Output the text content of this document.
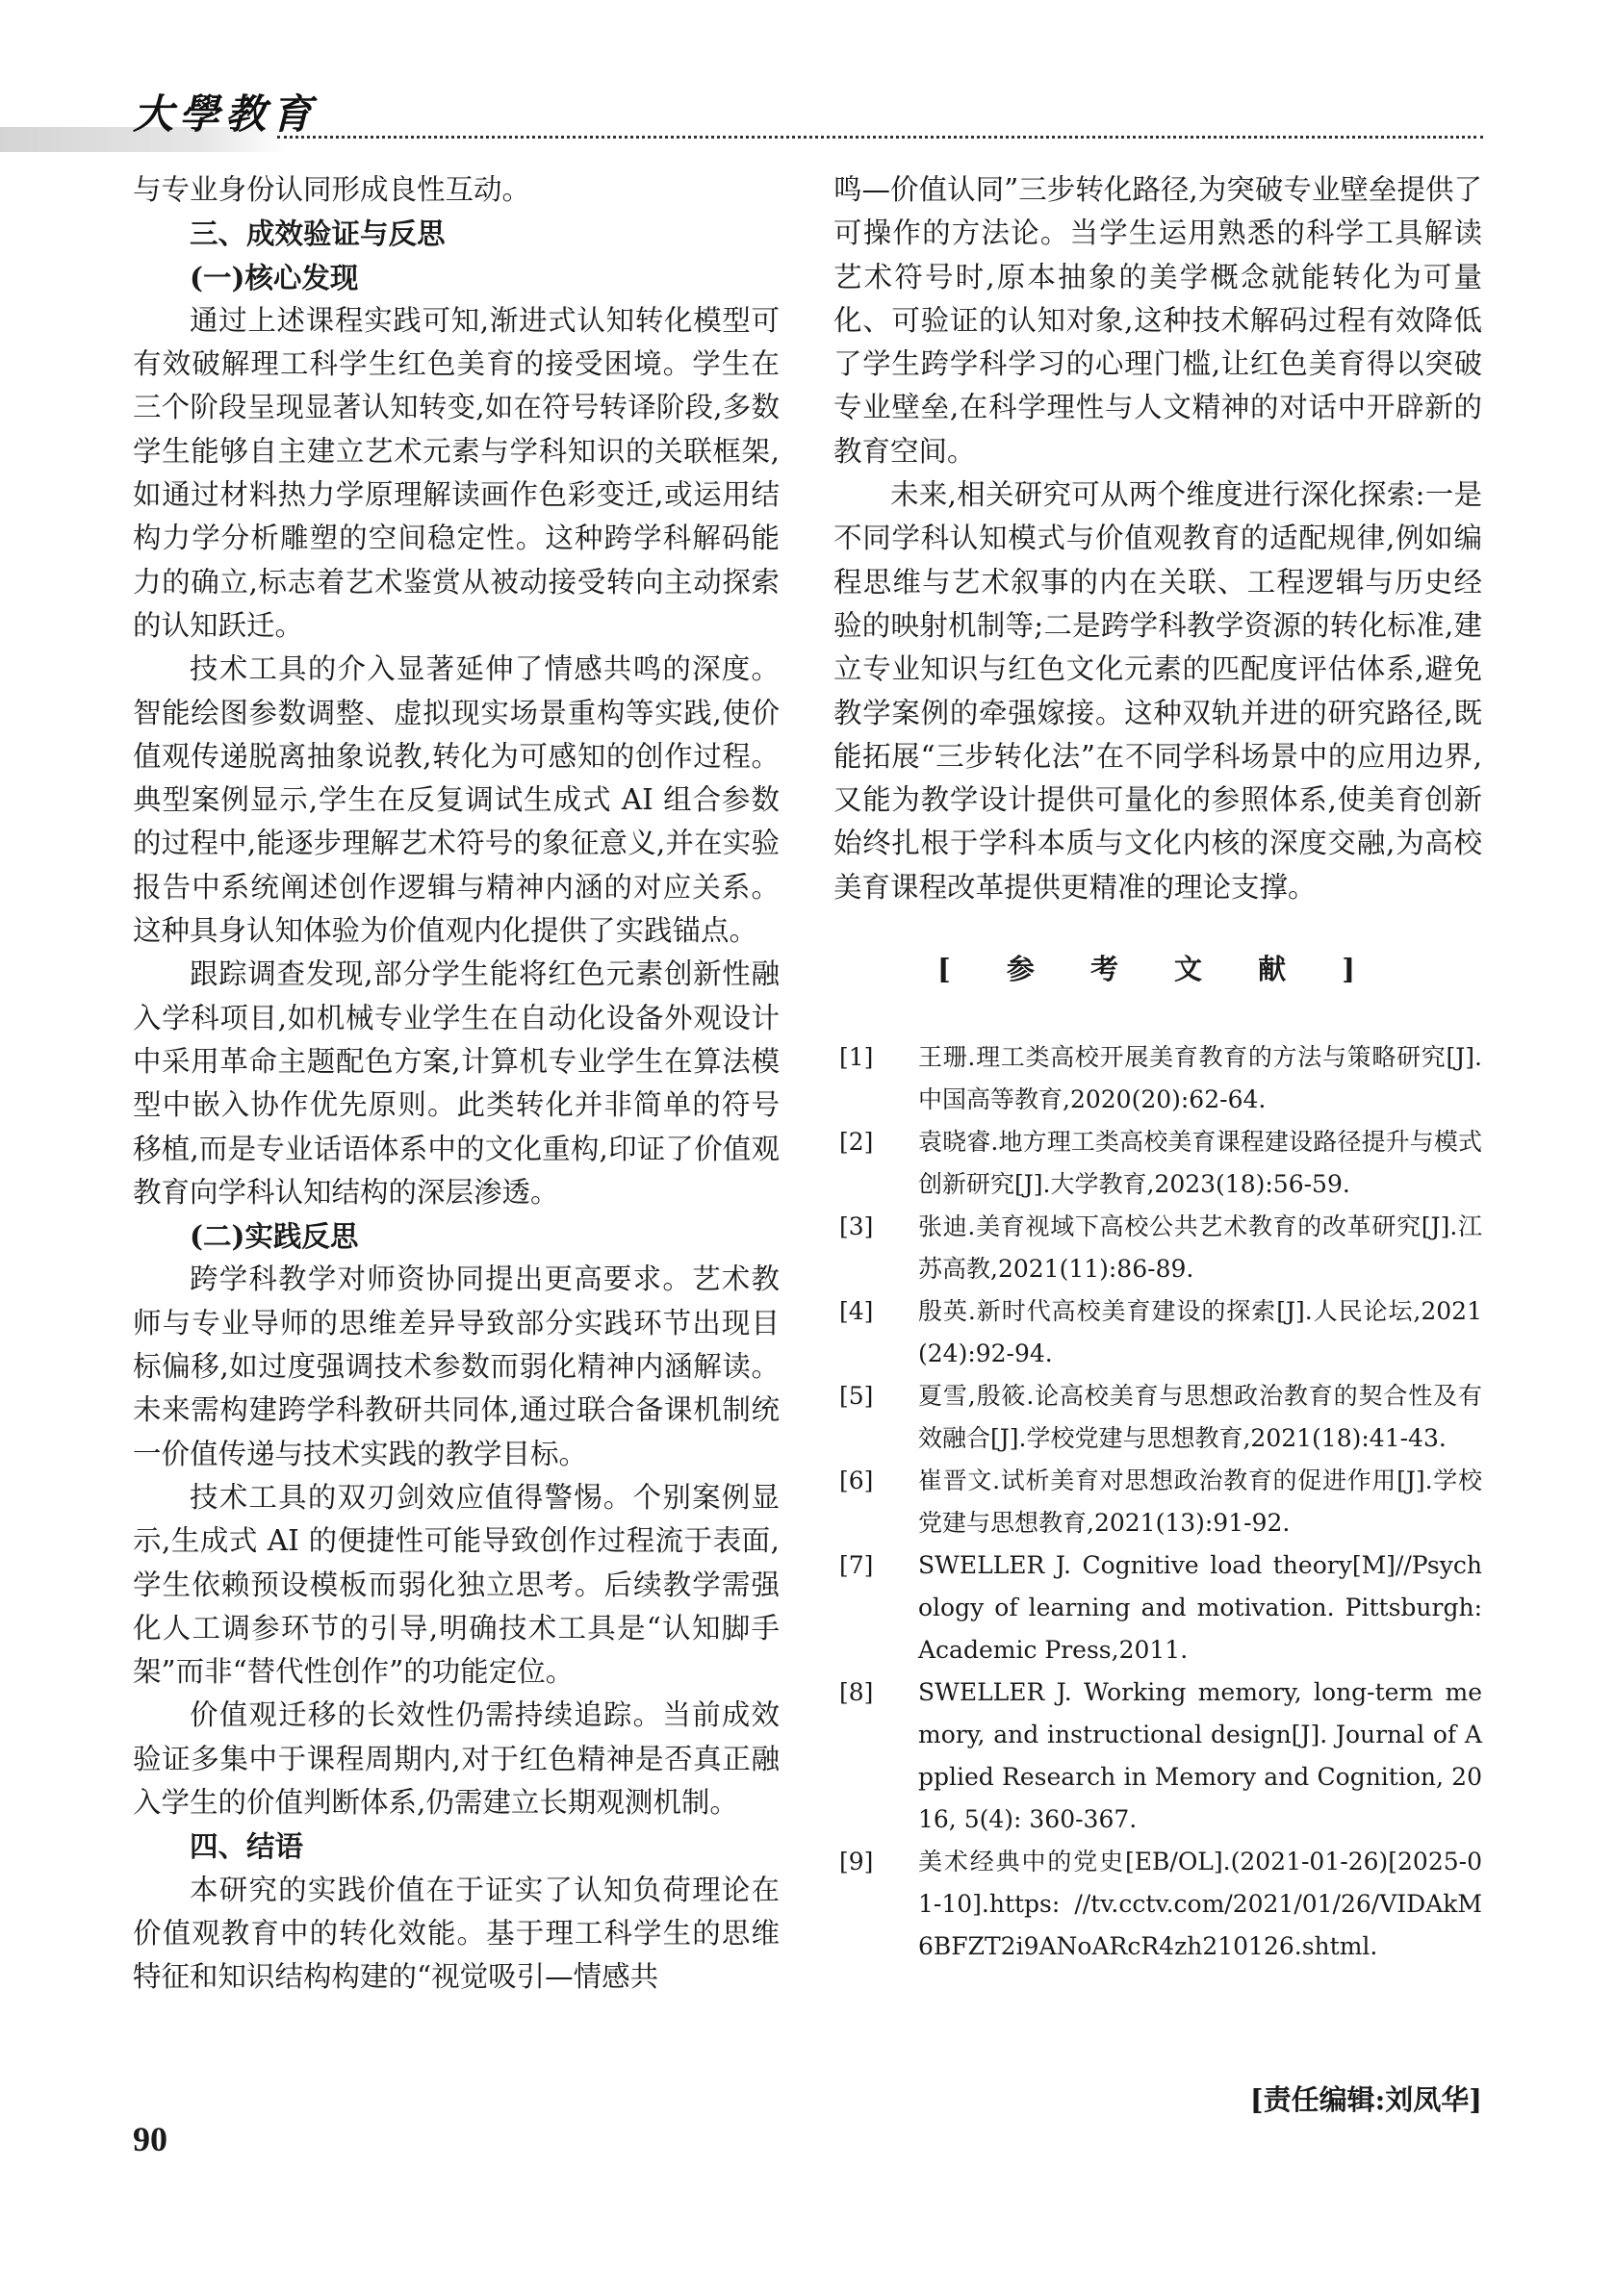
大學教育

与专业身份认同形成良性互动。

三、成效验证与反思
(一)核心发现

通过上述课程实践可知,渐进式认知转化模型可有效破解理工科学生红色美育的接受困境。学生在三个阶段呈现显著认知转变,如在符号转译阶段,多数学生能够自主建立艺术元素与学科知识的关联框架,如通过材料热力学原理解读画作色彩变迁,或运用结构力学分析雕塑的空间稳定性。这种跨学科解码能力的确立,标志着艺术鉴赏从被动接受转向主动探索的认知跃迁。

技术工具的介入显著延伸了情感共鸣的深度。智能绘图参数调整、虚拟现实场景重构等实践,使价值观传递脱离抽象说教,转化为可感知的创作过程。典型案例显示,学生在反复调试生成式 AI 组合参数的过程中,能逐步理解艺术符号的象征意义,并在实验报告中系统阐述创作逻辑与精神内涵的对应关系。这种具身认知体验为价值观内化提供了实践锚点。

跟踪调查发现,部分学生能将红色元素创新性融入学科项目,如机械专业学生在自动化设备外观设计中采用革命主题配色方案,计算机专业学生在算法模型中嵌入协作优先原则。此类转化并非简单的符号移植,而是专业话语体系中的文化重构,印证了价值观教育向学科认知结构的深层渗透。

(二)实践反思

跨学科教学对师资协同提出更高要求。艺术教师与专业导师的思维差异导致部分实践环节出现目标偏移,如过度强调技术参数而弱化精神内涵解读。未来需构建跨学科教研共同体,通过联合备课机制统一价值传递与技术实践的教学目标。

技术工具的双刃剑效应值得警惕。个别案例显示,生成式 AI 的便捷性可能导致创作过程流于表面,学生依赖预设模板而弱化独立思考。后续教学需强化人工调参环节的引导,明确技术工具是“认知脚手架”而非“替代性创作”的功能定位。

价值观迁移的长效性仍需持续追踪。当前成效验证多集中于课程周期内,对于红色精神是否真正融入学生的价值判断体系,仍需建立长期观测机制。

四、结语

本研究的实践价值在于证实了认知负荷理论在价值观教育中的转化效能。基于理工科学生的思维特征和知识结构构建的“视觉吸引—情感共

鸣—价值认同”三步转化路径,为突破专业壁垒提供了可操作的方法论。当学生运用熟悉的科学工具解读艺术符号时,原本抽象的美学概念就能转化为可量化、可验证的认知对象,这种技术解码过程有效降低了学生跨学科学习的心理门槛,让红色美育得以突破专业壁垒,在科学理性与人文精神的对话中开辟新的教育空间。

未来,相关研究可从两个维度进行深化探索:一是不同学科认知模式与价值观教育的适配规律,例如编程思维与艺术叙事的内在关联、工程逻辑与历史经验的映射机制等;二是跨学科教学资源的转化标准,建立专业知识与红色文化元素的匹配度评估体系,避免教学案例的牵强嫁接。这种双轨并进的研究路径,既能拓展“三步转化法”在不同学科场景中的应用边界,又能为教学设计提供可量化的参照体系,使美育创新始终扎根于学科本质与文化内核的深度交融,为高校美育课程改革提供更精准的理论支撑。

[ 参 考 文 献 ]
[1] 王珊.理工类高校开展美育教育的方法与策略研究[J].中国高等教育,2020(20):62-64.
[2] 袁晓睿.地方理工类高校美育课程建设路径提升与模式创新研究[J].大学教育,2023(18):56-59.
[3] 张迪.美育视域下高校公共艺术教育的改革研究[J].江苏高教,2021(11):86-89.
[4] 殷英.新时代高校美育建设的探索[J].人民论坛,2021(24):92-94.
[5] 夏雪,殷筱.论高校美育与思想政治教育的契合性及有效融合[J].学校党建与思想教育,2021(18):41-43.
[6] 崔晋文.试析美育对思想政治教育的促进作用[J].学校党建与思想教育,2021(13):91-92.
[7] SWELLER J. Cognitive load theory[M]//Psychology of learning and motivation. Pittsburgh: Academic Press,2011.
[8] SWELLER J. Working memory, long-term memory, and instructional design[J]. Journal of Applied Research in Memory and Cognition, 2016, 5(4): 360-367.
[9] 美术经典中的党史[EB/OL].(2021-01-26)[2025-01-10].https: //tv.cctv.com/2021/01/26/VIDAkM6BFZT2i9ANoARcR4zh210126.shtml.
[责任编辑:刘凤华]
90
